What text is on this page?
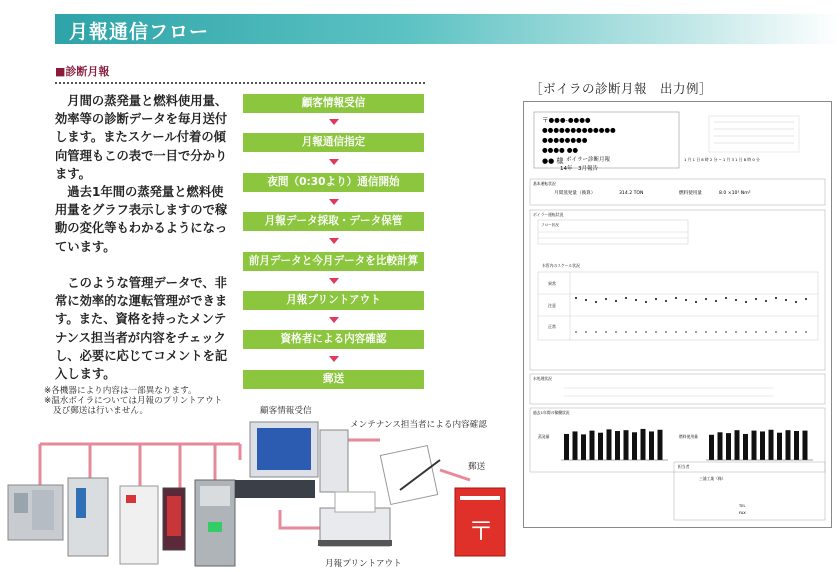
月報通信フロー
■診断月報
月間の蒸発量と燃料使用量、効率等の診断データを毎月送付します。またスケール付着の傾向管理もこの表で一目で分かります。
過去1年間の蒸発量と燃料使用量をグラフ表示しますので稼動の変化等もわかるようになっています。
このような管理データで、非常に効率的な運転管理ができます。また、資格を持ったメンテナンス担当者が内容をチェックし、必要に応じてコメントを記入します。
※各機器により内容は一部異なります。
※温水ボイラについては月報のプリントアウト
及び郵送は行いません。
顧客情報受信
月報通信指定
夜間（0:30より）通信開始
月報データ採取・データ保管
前月データと今月データを比較計算
月報プリントアウト
資格者による内容確認
郵送
［ボイラの診断月報　出力例］
〒●●●-●●●●
●●●●●●●●●●●●●
●●●●●●●●
●●●● ●●
●● 様 ボイラー診断月報
14年　3月報告
1 月 1 日 8 時 2 分 − 1 月 3 1 日 8 時 0 分
基本運転状況
月間蒸発量（換算）	314.2 TON	燃料使用量	8.0 ×10³ Nm³
ボイラー運転状況
フロー状況
水管内のスケール状況
異常
注意
正常
水処理状況
過去1年間の稼働状況
蒸発量	燃料使用量
担当者
三浦工業（株）
TEL
FAX
〒
顧客情報受信
メンテナンス担当者による内容確認
郵送
月報プリントアウト
